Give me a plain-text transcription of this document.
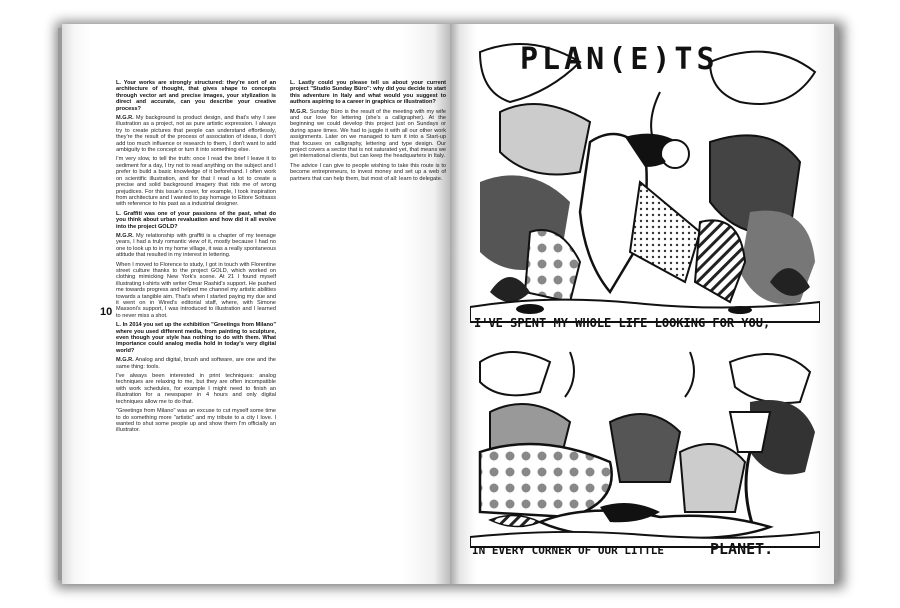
10

L. Your works are strongly structured: they're sort of an architecture of thought, that gives shape to concepts through vector art and precise images, your stylization is direct and accurate, can you describe your creative process?

M.G.R. My background is product design, and that's why I see illustration as a project, not as pure artistic expression. I always try to create pictures that people can understand effortlessly, they're the result of the process of association of ideas, I don't add too much influence or research to them, I don't want to add ambiguity to the concept or turn it into something else.

I'm very slow, to tell the truth: once I read the brief I leave it to sediment for a day, I try not to read anything on the subject and I prefer to build a basic knowledge of it beforehand. I often work on scientific illustration, and for that I read a lot to create a precise and solid background imagery that rids me of wrong prejudices. For this issue's cover, for example, I took inspiration from architecture and I wanted to pay homage to Ettore Sottsass with reference to his past as a industrial designer.

L. Graffiti was one of your passions of the past, what do you think about urban revaluation and how did it all evolve into the project GOLD?

M.G.R. My relationship with graffiti is a chapter of my teenage years, I had a truly romantic view of it, mostly because I had no one to look up to in my home village, it was a really spontaneous attitude that resulted in my interest in lettering.

When I moved to Florence to study, I got in touch with Florentine street culture thanks to the project GOLD, which worked on clothing mimicking New York's scene. At 21 I found myself illustrating t-shirts with writer Omar Rashid's support. He pushed me towards progress and helped me channel my artistic abilities towards a tangible aim. That's when I started paying my due and it went on in Wired's editorial staff, where, with Simone Massoni's support, I was introduced to illustration and I learned to never miss a shot.

L. In 2014 you set up the exhibition "Greetings from Milano" where you used different media, from painting to sculpture, even though your style has nothing to do with them. What importance could analog media hold in today's very digital world?

M.G.R. Analog and digital, brush and software, are one and the same thing: tools.

I've always been interested in print techniques: analog techniques are relaxing to me, but they are often incompatible with work schedules, for example I might need to finish an illustration for a newspaper in 4 hours and only digital techniques allow me to do that.

"Greetings from Milano" was an excuse to cut myself some time to do something more "artistic" and my tribute to a city I love. I wanted to shut some people up and show them I'm officially an illustrator.

L. Lastly could you please tell us about your current project "Studio Sunday Büro": why did you decide to start this adventure in Italy and what would you suggest to authors aspiring to a career in graphics or illustration?

M.G.R. Sunday Büro is the result of the meeting with my wife and our love for lettering (she's a calligrapher). At the beginning we could develop this project just on Sundays or during spare times. We had to juggle it with all our other work assignments. Later on we managed to turn it into a Start-up that focuses on calligraphy, lettering and type design. Our project covers a sector that is not saturated yet, that means we get international clients, but can keep the headquarters in Italy.

The advice I can give to people wishing to take this route is to become entrepreneurs, to invest money and set up a web of partners that can help them, but most of all: learn to delegate.

PLAN(E)TS
I'VE SPENT MY WHOLE LIFE LOOKING FOR YOU,
IN EVERY CORNER OF OUR LITTLE	PLANET.
